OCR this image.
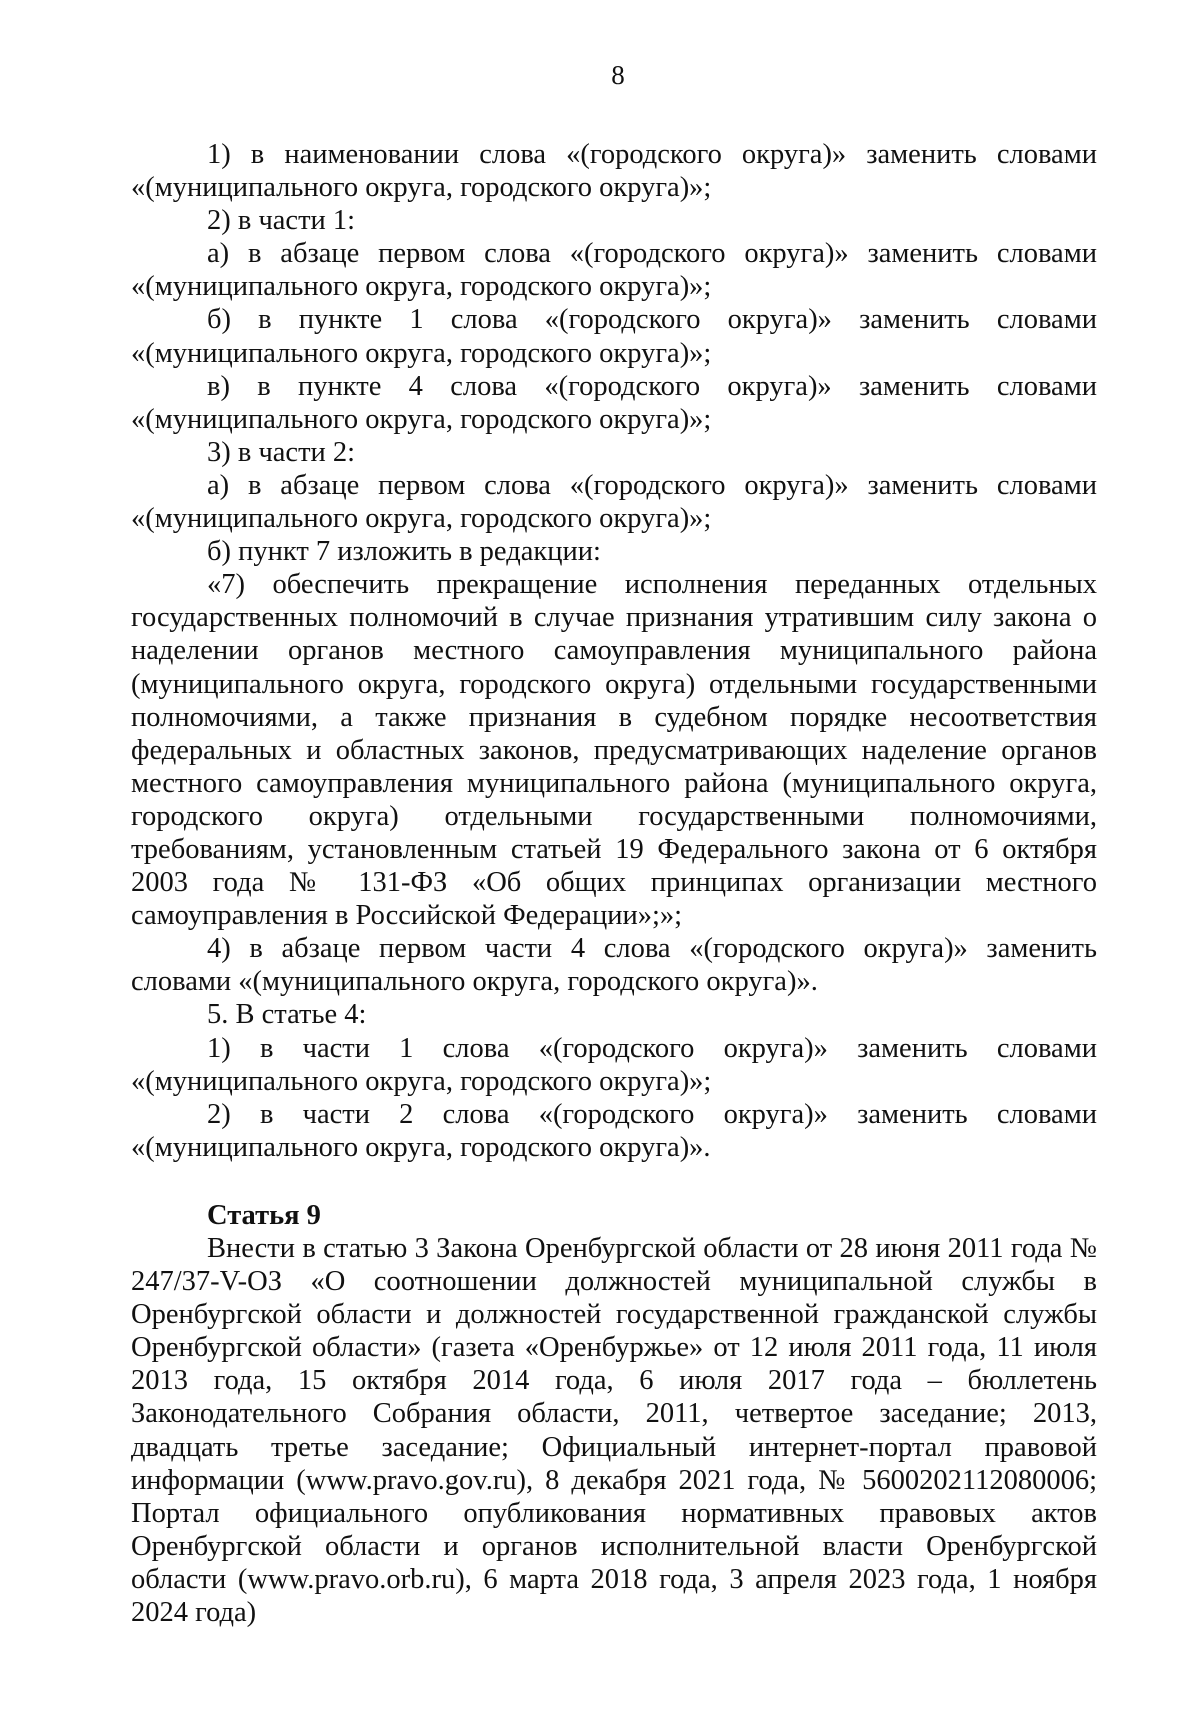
8

1) в наименовании слова «(городского округа)» заменить словами «(муниципального округа, городского округа)»;

2) в части 1:

а) в абзаце первом слова «(городского округа)» заменить словами «(муниципального округа, городского округа)»;

б) в пункте 1 слова «(городского округа)» заменить словами «(муниципального округа, городского округа)»;

в) в пункте 4 слова «(городского округа)» заменить словами «(муниципального округа, городского округа)»;

3) в части 2:

а) в абзаце первом слова «(городского округа)» заменить словами «(муниципального округа, городского округа)»;

б) пункт 7 изложить в редакции:

«7) обеспечить прекращение исполнения переданных отдельных государственных полномочий в случае признания утратившим силу закона о наделении органов местного самоуправления муниципального района (муниципального округа, городского округа) отдельными государственными полномочиями, а также признания в судебном порядке несоответствия федеральных и областных законов, предусматривающих наделение органов местного самоуправления муниципального района (муниципального округа, городского округа) отдельными государственными полномочиями, требованиям, установленным статьей 19 Федерального закона от 6 октября 2003 года № 131-ФЗ «Об общих принципах организации местного самоуправления в Российской Федерации»;»;

4) в абзаце первом части 4 слова «(городского округа)» заменить словами «(муниципального округа, городского округа)».

5. В статье 4:

1) в части 1 слова «(городского округа)» заменить словами «(муниципального округа, городского округа)»;

2) в части 2 слова «(городского округа)» заменить словами «(муниципального округа, городского округа)».

Статья 9

Внести в статью 3 Закона Оренбургской области от 28 июня 2011 года № 247/37-V-ОЗ «О соотношении должностей муниципальной службы в Оренбургской области и должностей государственной гражданской службы Оренбургской области» (газета «Оренбуржье» от 12 июля 2011 года, 11 июля 2013 года, 15 октября 2014 года, 6 июля 2017 года – бюллетень Законодательного Собрания области, 2011, четвертое заседание; 2013, двадцать третье заседание; Официальный интернет-портал правовой информации (www.pravo.gov.ru), 8 декабря 2021 года, № 5600202112080006; Портал официального опубликования нормативных правовых актов Оренбургской области и органов исполнительной власти Оренбургской области (www.pravo.orb.ru), 6 марта 2018 года, 3 апреля 2023 года, 1 ноября 2024 года)
